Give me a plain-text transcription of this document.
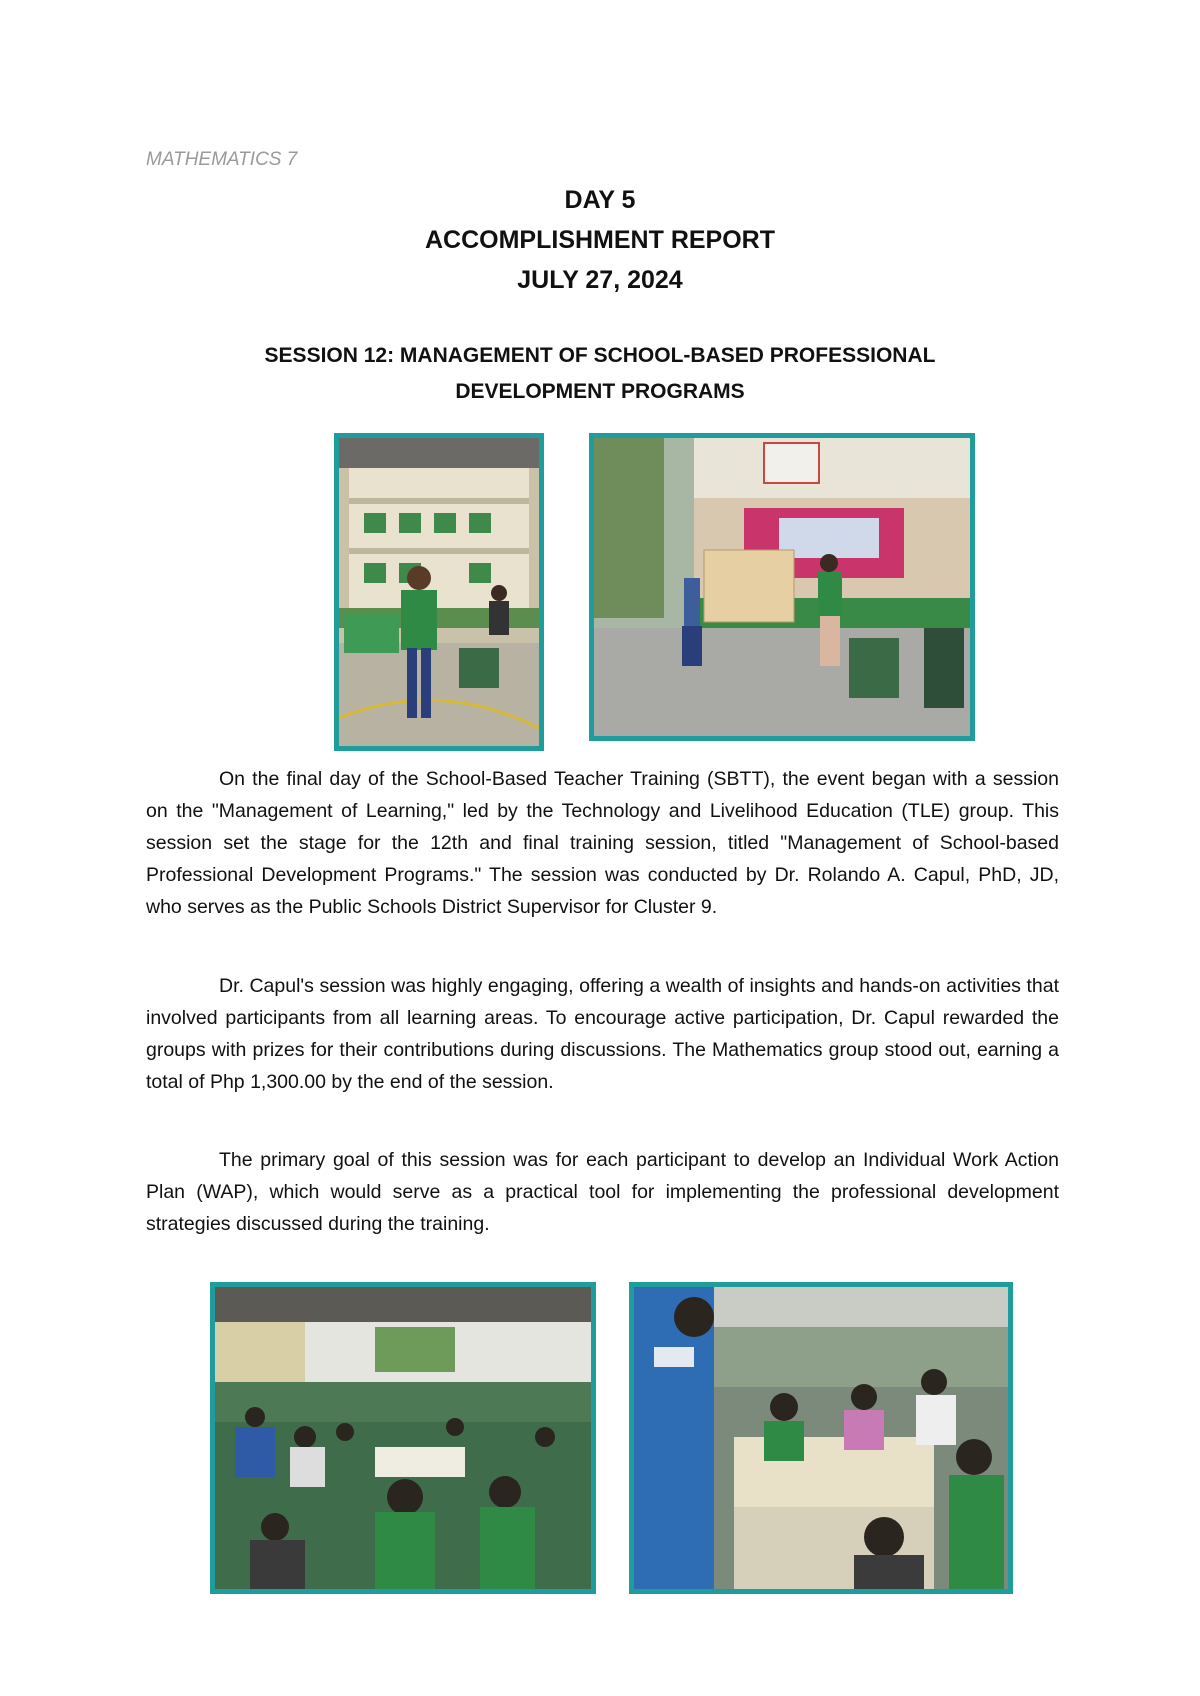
MATHEMATICS 7
DAY 5
ACCOMPLISHMENT REPORT
JULY 27, 2024
SESSION 12: MANAGEMENT OF SCHOOL-BASED PROFESSIONAL
DEVELOPMENT PROGRAMS

On the final day of the School-Based Teacher Training (SBTT), the event began with a session on the "Management of Learning," led by the Technology and Livelihood Education (TLE) group. This session set the stage for the 12th and final training session, titled "Management of School-based Professional Development Programs." The session was conducted by Dr. Rolando A. Capul, PhD, JD, who serves as the Public Schools District Supervisor for Cluster 9.

Dr. Capul's session was highly engaging, offering a wealth of insights and hands-on activities that involved participants from all learning areas. To encourage active participation, Dr. Capul rewarded the groups with prizes for their contributions during discussions. The Mathematics group stood out, earning a total of Php 1,300.00 by the end of the session.

The primary goal of this session was for each participant to develop an Individual Work Action Plan (WAP), which would serve as a practical tool for implementing the professional development strategies discussed during the training.
